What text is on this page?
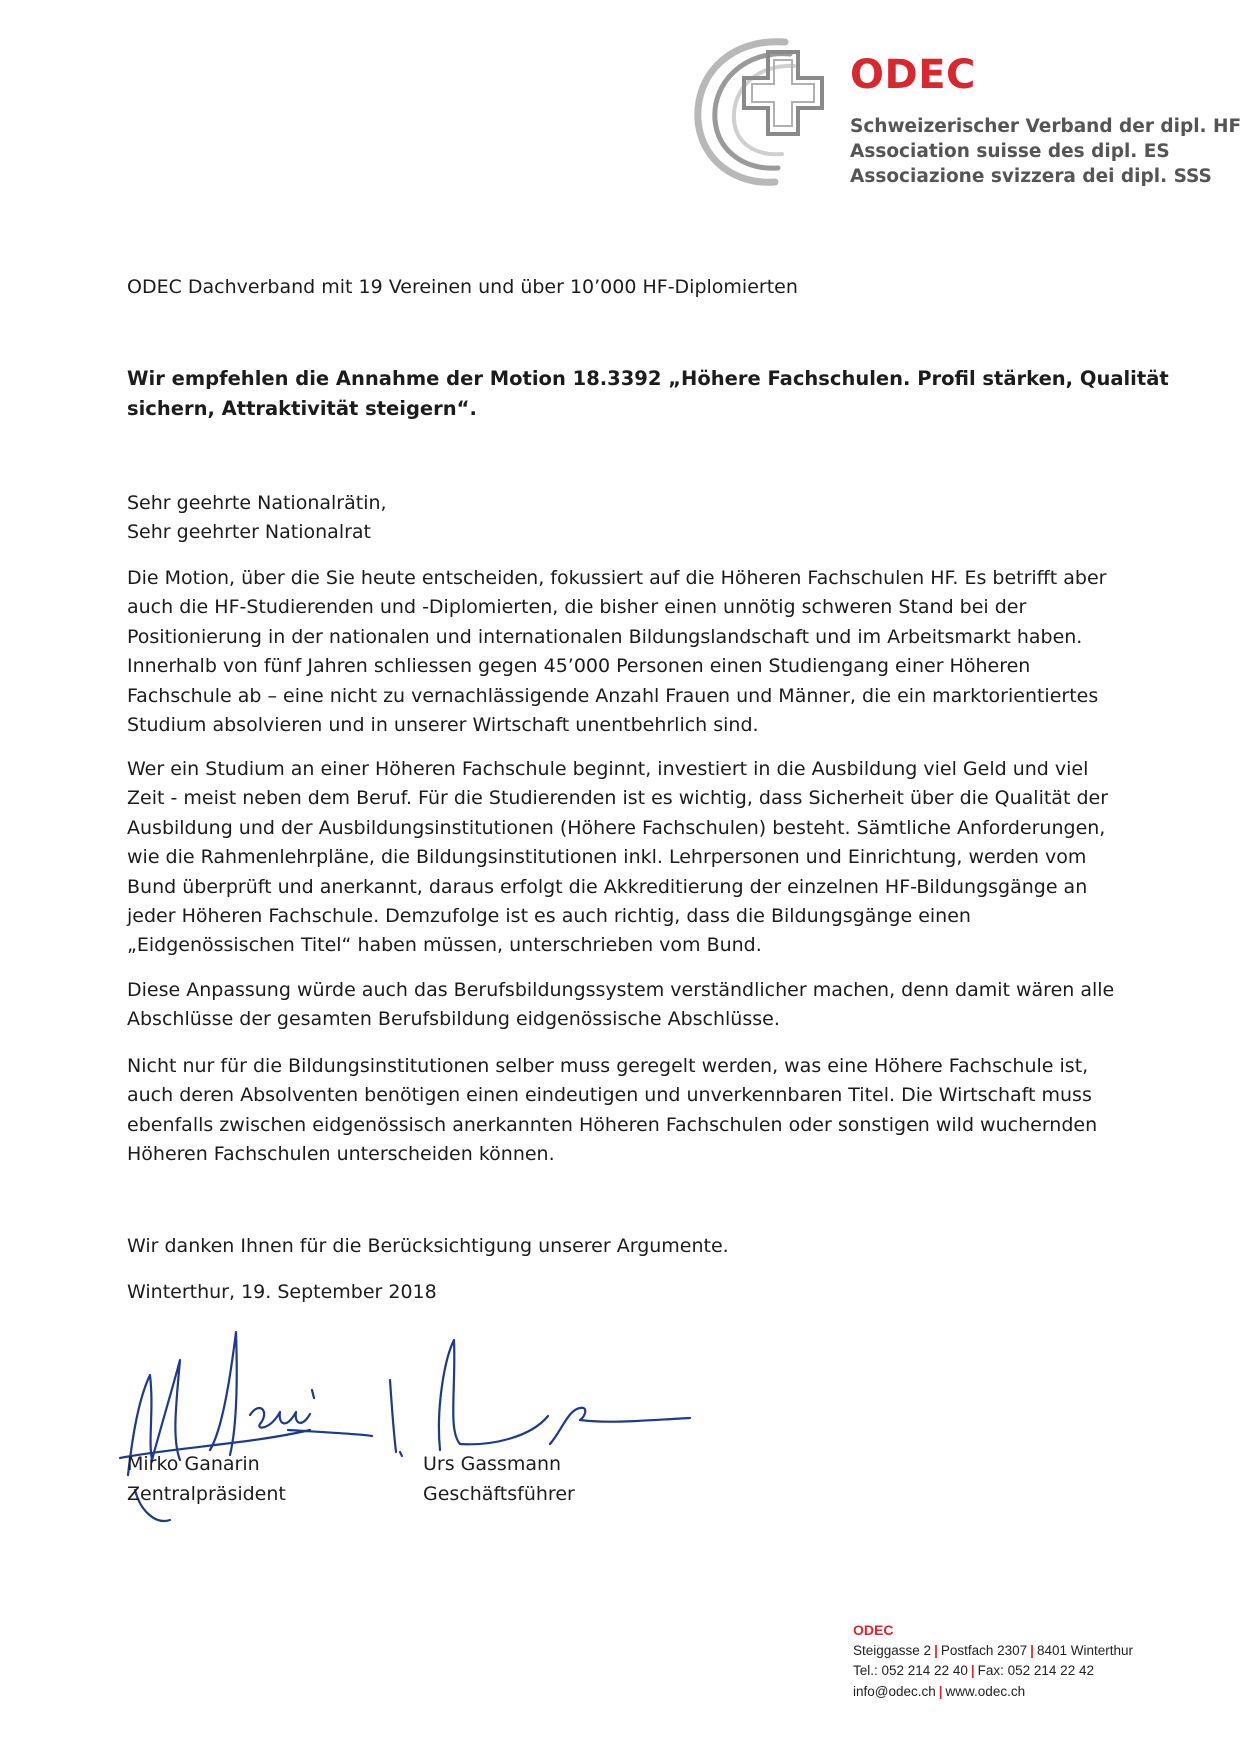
ODEC
Schweizerischer Verband der dipl. HF
Association suisse des dipl. ES
Associazione svizzera dei dipl. SSS

ODEC Dachverband mit 19 Vereinen und über 10’000 HF-Diplomierten

Wir empfehlen die Annahme der Motion 18.3392 „Höhere Fachschulen. Profil stärken, Qualität
sichern, Attraktivität steigern“.

Sehr geehrte Nationalrätin,

Sehr geehrter Nationalrat

Die Motion, über die Sie heute entscheiden, fokussiert auf die Höheren Fachschulen HF. Es betrifft aber
auch die HF-Studierenden und -Diplomierten, die bisher einen unnötig schweren Stand bei der
Positionierung in der nationalen und internationalen Bildungslandschaft und im Arbeitsmarkt haben.
Innerhalb von fünf Jahren schliessen gegen 45’000 Personen einen Studiengang einer Höheren
Fachschule ab – eine nicht zu vernachlässigende Anzahl Frauen und Männer, die ein marktorientiertes
Studium absolvieren und in unserer Wirtschaft unentbehrlich sind.
Wer ein Studium an einer Höheren Fachschule beginnt, investiert in die Ausbildung viel Geld und viel
Zeit - meist neben dem Beruf. Für die Studierenden ist es wichtig, dass Sicherheit über die Qualität der
Ausbildung und der Ausbildungsinstitutionen (Höhere Fachschulen) besteht. Sämtliche Anforderungen,
wie die Rahmenlehrpläne, die Bildungsinstitutionen inkl. Lehrpersonen und Einrichtung, werden vom
Bund überprüft und anerkannt, daraus erfolgt die Akkreditierung der einzelnen HF-Bildungsgänge an
jeder Höheren Fachschule. Demzufolge ist es auch richtig, dass die Bildungsgänge einen
„Eidgenössischen Titel“ haben müssen, unterschrieben vom Bund.
Diese Anpassung würde auch das Berufsbildungssystem verständlicher machen, denn damit wären alle
Abschlüsse der gesamten Berufsbildung eidgenössische Abschlüsse.
Nicht nur für die Bildungsinstitutionen selber muss geregelt werden, was eine Höhere Fachschule ist,
auch deren Absolventen benötigen einen eindeutigen und unverkennbaren Titel. Die Wirtschaft muss
ebenfalls zwischen eidgenössisch anerkannten Höheren Fachschulen oder sonstigen wild wuchernden
Höheren Fachschulen unterscheiden können.

Wir danken Ihnen für die Berücksichtigung unserer Argumente.

Winterthur, 19. September 2018

Mirko Ganarin
Zentralpräsident
Urs Gassmann
Geschäftsführer
ODEC
Steiggasse 2 | Postfach 2307 | 8401 Winterthur
Tel.: 052 214 22 40 | Fax: 052 214 22 42
info@odec.ch | www.odec.ch
